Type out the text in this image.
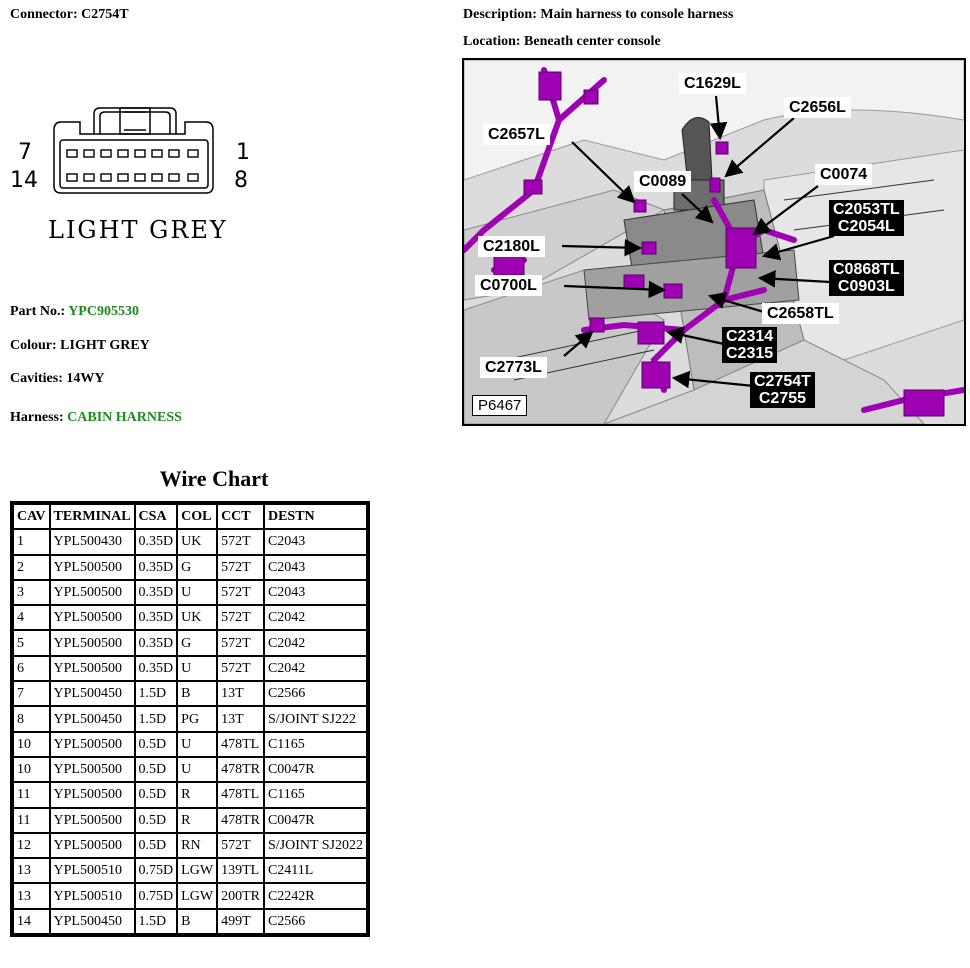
Connector: C2754T	Description: Main harness to console harness
Location: Beneath center console
7
14
1
8
LIGHT GREY
Part No.: YPC905530
Colour: LIGHT GREY
Cavities: 14WY
Harness: CABIN HARNESS
Wire Chart
CAV	TERMINAL	CSA	COL	CCT	DESTN
1	YPL500430	0.35D	UK	572T	C2043
2	YPL500500	0.35D	G	572T	C2043
3	YPL500500	0.35D	U	572T	C2043
4	YPL500500	0.35D	UK	572T	C2042
5	YPL500500	0.35D	G	572T	C2042
6	YPL500500	0.35D	U	572T	C2042
7	YPL500450	1.5D	B	13T	C2566
8	YPL500450	1.5D	PG	13T	S/JOINT SJ222
10	YPL500500	0.5D	U	478TL	C1165
10	YPL500500	0.5D	U	478TR	C0047R
11	YPL500500	0.5D	R	478TL	C1165
11	YPL500500	0.5D	R	478TR	C0047R
12	YPL500500	0.5D	RN	572T	S/JOINT SJ2022
13	YPL500510	0.75D	LGW	139TL	C2411L
13	YPL500510	0.75D	LGW	200TR	C2242R
14	YPL500450	1.5D	B	499T	C2566
C1629L
C2656L
C2657L
C0089	C0074
C2053TL
C2054L
C2180L
C0868TL
C0903L
C0700L
C2658TL
C2314
C2315
C2773L
C2754T
C2755
P6467
